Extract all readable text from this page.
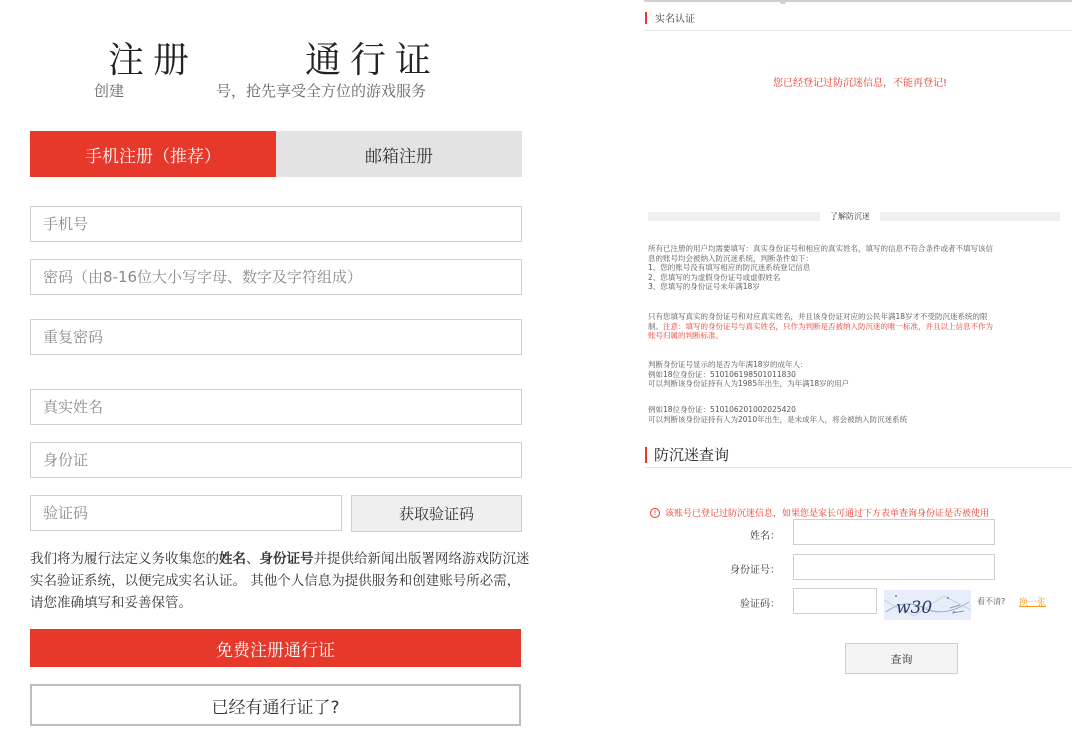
注册	通行证
创建	号，抢先享受全方位的游戏服务
手机注册（推荐）	邮箱注册
手机号
密码（由8-16位大小写字母、数字及字符组成）
重复密码
真实姓名
身份证
验证码
获取验证码

我们将为履行法定义务收集您的姓名、身份证号并提供给新闻出版署网络游戏防沉迷实名验证系统，以便完成实名认证。 其他个人信息为提供服务和创建账号所必需，请您准确填写和妥善保管。

免费注册通行证
已经有通行证了?
实名认证
您已经登记过防沉迷信息，不能再登记!
了解防沉迷
所有已注册的用户均需要填写：真实身份证号和相应的真实姓名，填写的信息不符合条件或者不填写该信
息的账号均会被纳入防沉迷系统，判断条件如下：
1、您的账号没有填写相应的防沉迷系统登记信息
2、您填写的为虚假身份证号或虚假姓名
3、您填写的身份证号未年满18岁
只有您填写真实的身份证号和对应真实姓名，并且该身份证对应的公民年满18岁才不受防沉迷系统的限
制。注意：填写的身份证号与真实姓名，只作为判断是否被纳入防沉迷的唯一标准，并且以上信息不作为
账号归属的判断标准。
判断身份证号显示的是否为年满18岁的成年人：
例如18位身份证：510106198501011830
可以判断该身份证持有人为1985年出生，为年满18岁的用户
例如18位身份证：510106201002025420
可以判断该身份证持有人为2010年出生，是未成年人，将会被纳入防沉迷系统
防沉迷查询
! 该账号已登记过防沉迷信息，如果您是家长可通过下方表单查询身份证是否被使用
姓名：
身份证号：
验证码：	w30	看不清? 换一张
查询
